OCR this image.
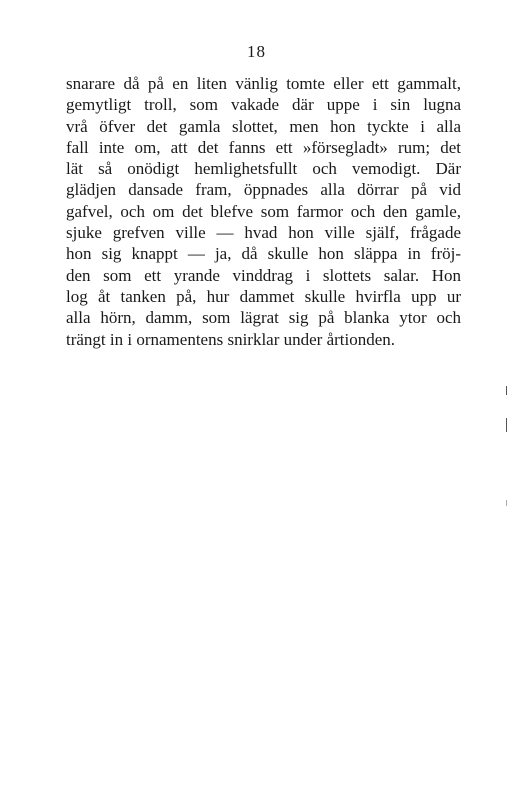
18
snarare då på en liten vänlig tomte eller ett gammalt,
gemytligt troll, som vakade där uppe i sin lugna
vrå öfver det gamla slottet, men hon tyckte i alla
fall inte om, att det fanns ett »försegladt» rum; det
lät så onödigt hemlighetsfullt och vemodigt. Där
glädjen dansade fram, öppnades alla dörrar på vid
gafvel, och om det blefve som farmor och den gamle,
sjuke grefven ville — hvad hon ville själf, frågade
hon sig knappt — ja, då skulle hon släppa in fröj-
den som ett yrande vinddrag i slottets salar. Hon
log åt tanken på, hur dammet skulle hvirfla upp ur
alla hörn, damm, som lägrat sig på blanka ytor och
trängt in i ornamentens snirklar under årtionden.
